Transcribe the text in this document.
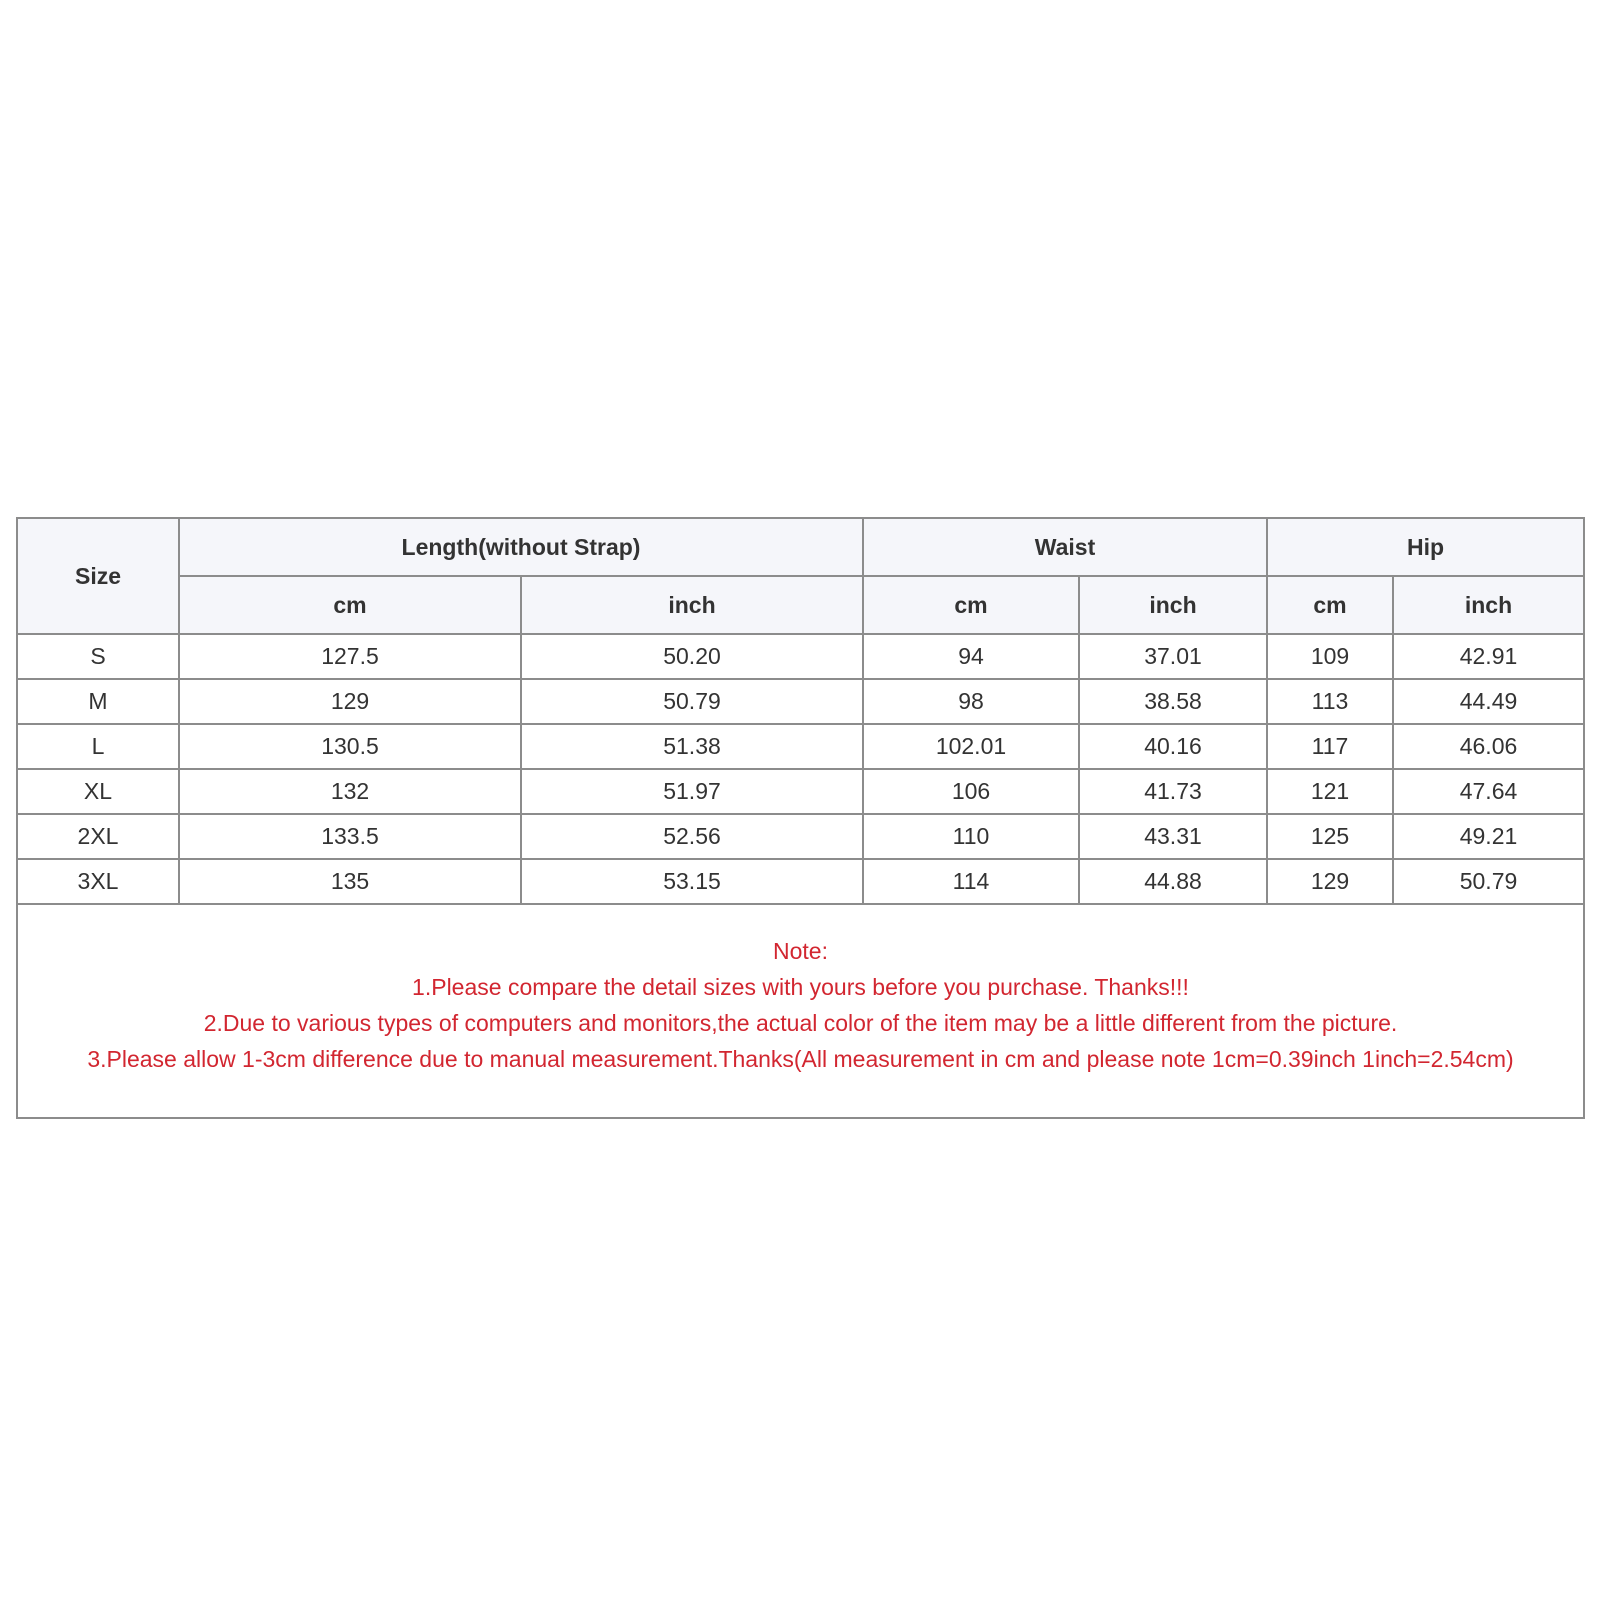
Size	Length(without Strap)		Waist		Hip	
	cm	inch	cm	inch	cm	inch
S	127.5	50.20	94	37.01	109	42.91
M	129	50.79	98	38.58	113	44.49
L	130.5	51.38	102.01	40.16	117	46.06
XL	132	51.97	106	41.73	121	47.64
2XL	133.5	52.56	110	43.31	125	49.21
3XL	135	53.15	114	44.88	129	50.79

Note:
1.Please compare the detail sizes with yours before you purchase. Thanks!!!
2.Due to various types of computers and monitors,the actual color of the item may be a little different from the picture.
3.Please allow 1-3cm difference due to manual measurement.Thanks(All measurement in cm and please note 1cm=0.39inch 1inch=2.54cm)						
